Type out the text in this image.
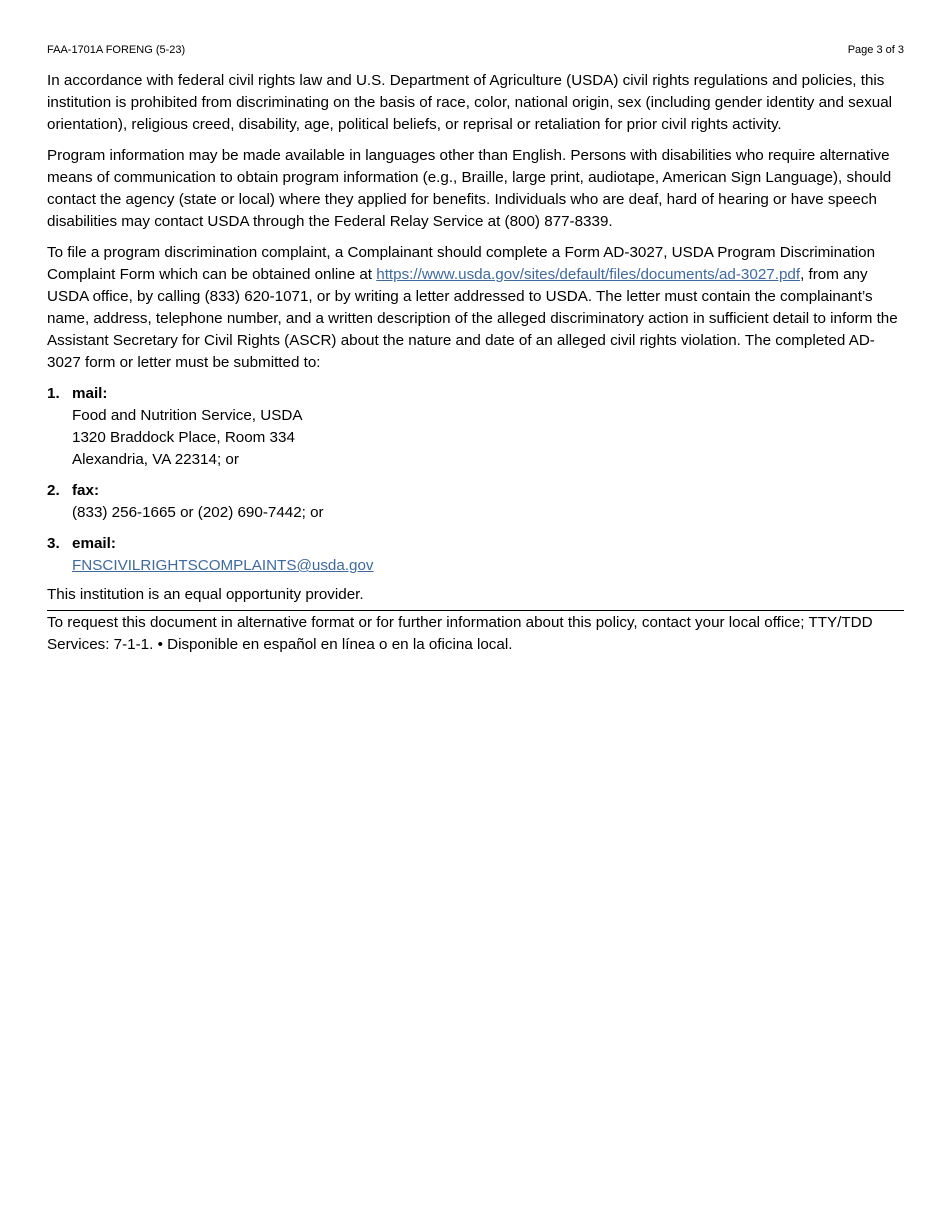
FAA-1701A FORENG (5-23)	Page 3 of 3

In accordance with federal civil rights law and U.S. Department of Agriculture (USDA) civil rights regulations and policies, this institution is prohibited from discriminating on the basis of race, color, national origin, sex (including gender identity and sexual orientation), religious creed, disability, age, political beliefs, or reprisal or retaliation for prior civil rights activity.

Program information may be made available in languages other than English. Persons with disabilities who require alternative means of communication to obtain program information (e.g., Braille, large print, audiotape, American Sign Language), should contact the agency (state or local) where they applied for benefits. Individuals who are deaf, hard of hearing or have speech disabilities may contact USDA through the Federal Relay Service at (800) 877-8339.

To file a program discrimination complaint, a Complainant should complete a Form AD-3027, USDA Program Discrimination Complaint Form which can be obtained online at https://www.usda.gov/sites/default/files/documents/ad-3027.pdf, from any USDA office, by calling (833) 620-1071, or by writing a letter addressed to USDA. The letter must contain the complainant’s name, address, telephone number, and a written description of the alleged discriminatory action in sufficient detail to inform the Assistant Secretary for Civil Rights (ASCR) about the nature and date of an alleged civil rights violation. The completed AD-3027 form or letter must be submitted to:

1. mail:
Food and Nutrition Service, USDA
1320 Braddock Place, Room 334
Alexandria, VA 22314; or
2. fax:
(833) 256-1665 or (202) 690-7442; or
3. email:
FNSCIVILRIGHTSCOMPLAINTS@usda.gov

This institution is an equal opportunity provider.

To request this document in alternative format or for further information about this policy, contact your local office; TTY/TDD Services: 7-1-1. • Disponible en español en línea o en la oficina local.
